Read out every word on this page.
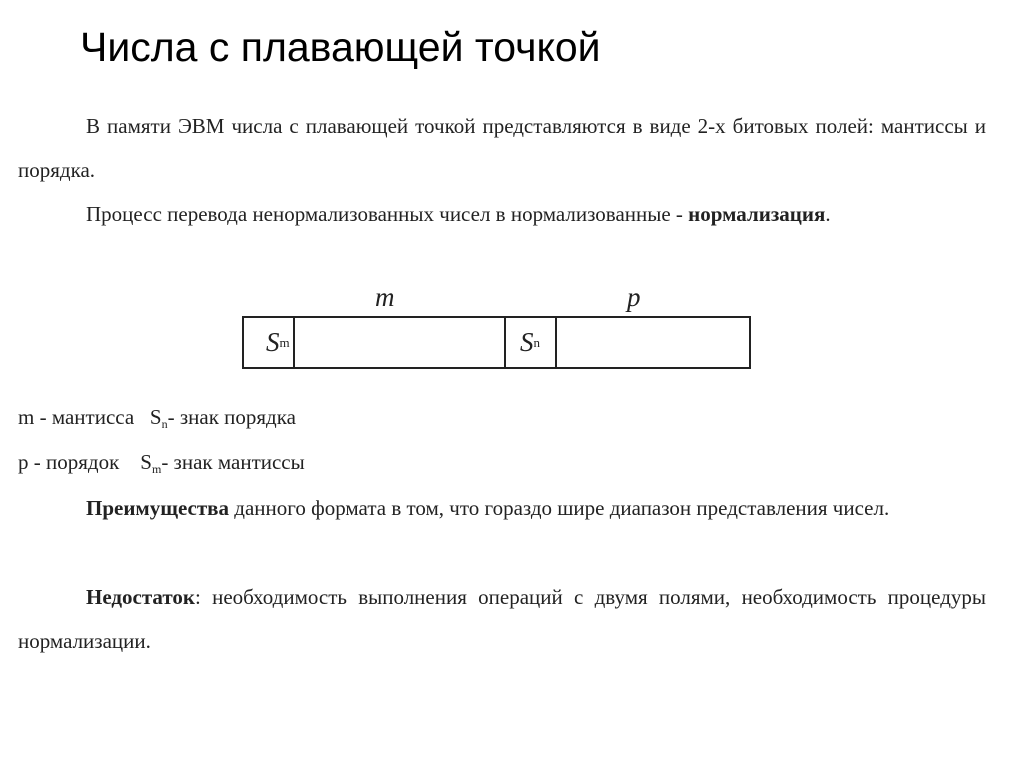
Числа с плавающей точкой

В памяти ЭВМ числа с плавающей точкой представляются в виде 2-х битовых полей: мантиссы и порядка.

Процесс перевода ненормализованных чисел в нормализованные - нормализация.

m	p
S m	S n
m - мантисса $S_n-$ знак порядка
p - порядок $S_m-$ знак мантиссы

Преимущества данного формата в том, что гораздо шире диапазон представления чисел.

Недостаток: необходимость выполнения операций с двумя полями, необходимость процедуры нормализации.
